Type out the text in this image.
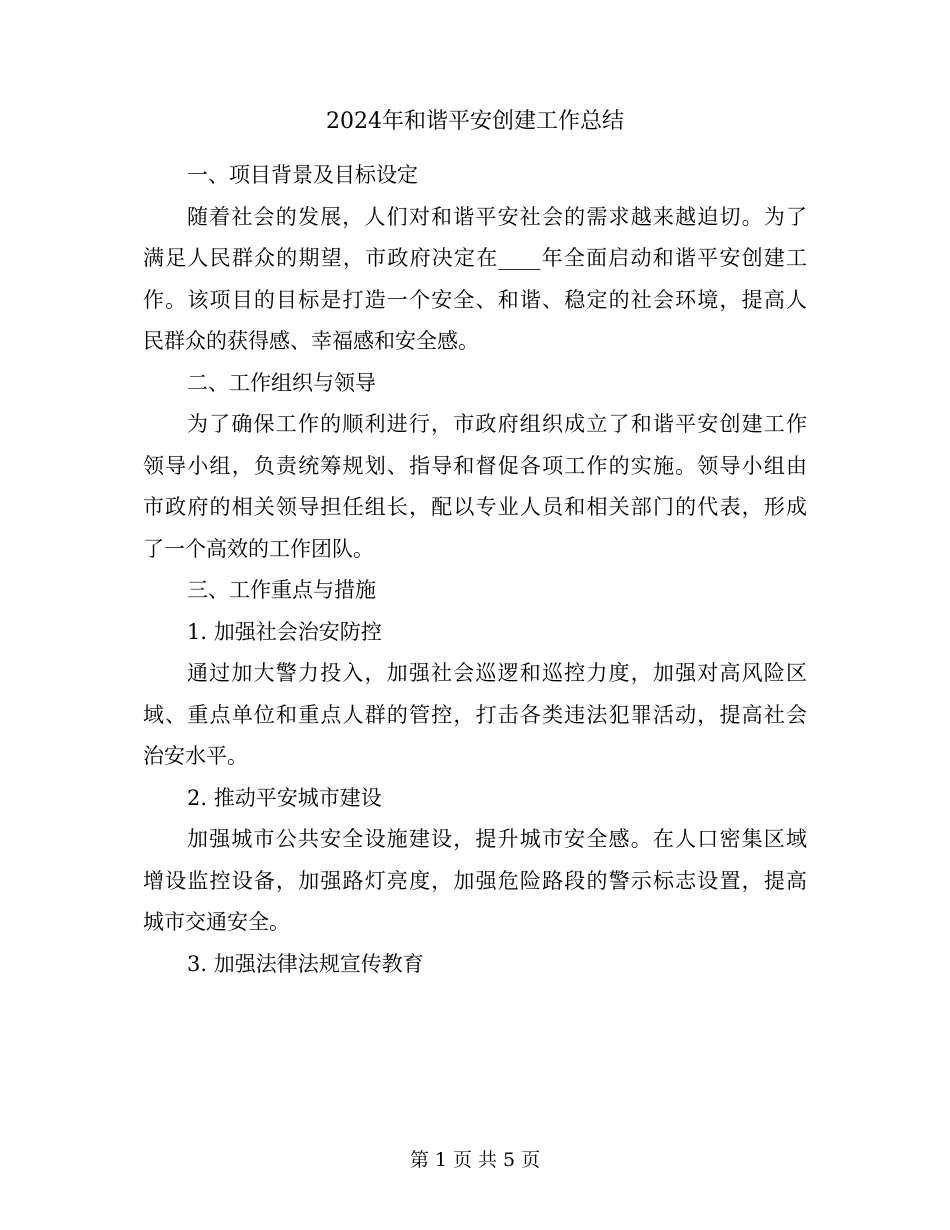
2024年和谐平安创建工作总结

一、项目背景及目标设定

随着社会的发展，人们对和谐平安社会的需求越来越迫切。为了

满足人民群众的期望，市政府决定在____年全面启动和谐平安创建工

作。该项目的目标是打造一个安全、和谐、稳定的社会环境，提高人

民群众的获得感、幸福感和安全感。

二、工作组织与领导

为了确保工作的顺利进行，市政府组织成立了和谐平安创建工作

领导小组，负责统筹规划、指导和督促各项工作的实施。领导小组由

市政府的相关领导担任组长，配以专业人员和相关部门的代表，形成

了一个高效的工作团队。

三、工作重点与措施

1. 加强社会治安防控

通过加大警力投入，加强社会巡逻和巡控力度，加强对高风险区

域、重点单位和重点人群的管控，打击各类违法犯罪活动，提高社会

治安水平。

2. 推动平安城市建设

加强城市公共安全设施建设，提升城市安全感。在人口密集区域

增设监控设备，加强路灯亮度，加强危险路段的警示标志设置，提高

城市交通安全。

3. 加强法律法规宣传教育

第 1 页 共 5 页
